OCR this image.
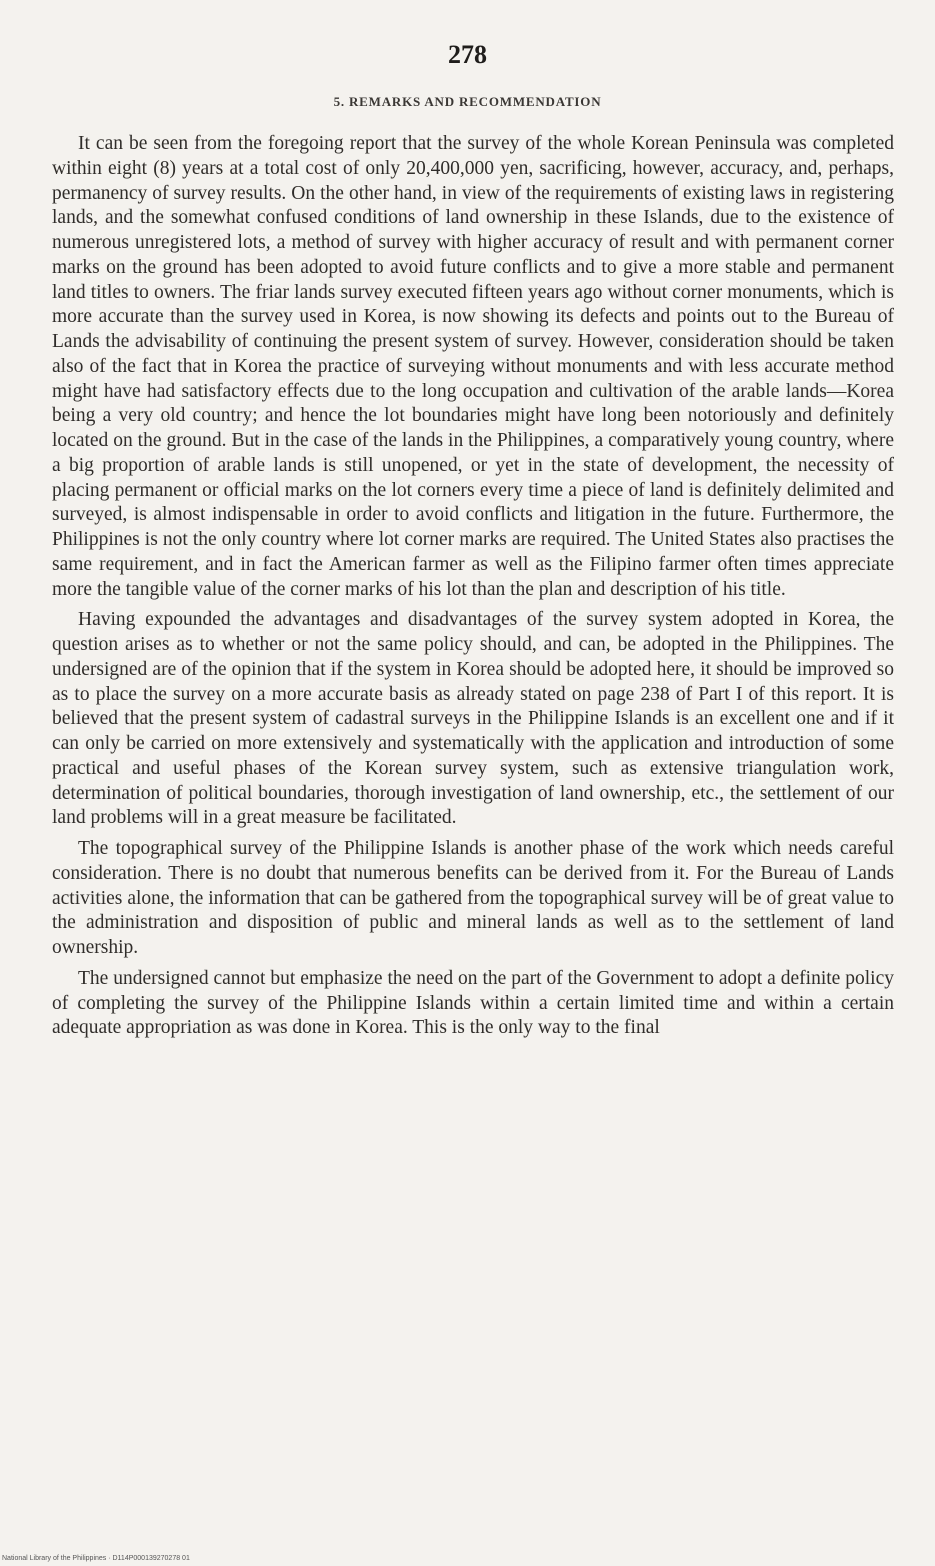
278
5. REMARKS AND RECOMMENDATION

It can be seen from the foregoing report that the survey of the whole Korean Peninsula was completed within eight (8) years at a total cost of only 20,400,000 yen, sacrificing, however, accuracy, and, perhaps, permanency of survey results. On the other hand, in view of the requirements of existing laws in registering lands, and the somewhat confused conditions of land ownership in these Islands, due to the existence of numerous unregistered lots, a method of survey with higher accuracy of result and with permanent corner marks on the ground has been adopted to avoid future conflicts and to give a more stable and permanent land titles to owners. The friar lands survey executed fifteen years ago without corner monuments, which is more accurate than the survey used in Korea, is now showing its defects and points out to the Bureau of Lands the advisability of continuing the present system of survey. However, consideration should be taken also of the fact that in Korea the practice of surveying without monuments and with less accurate method might have had satisfactory effects due to the long occupation and cultivation of the arable lands—Korea being a very old country; and hence the lot boundaries might have long been notoriously and definitely located on the ground. But in the case of the lands in the Philippines, a comparatively young country, where a big proportion of arable lands is still unopened, or yet in the state of development, the necessity of placing permanent or official marks on the lot corners every time a piece of land is definitely delimited and surveyed, is almost indispensable in order to avoid conflicts and litigation in the future. Furthermore, the Philippines is not the only country where lot corner marks are required. The United States also practises the same requirement, and in fact the American farmer as well as the Filipino farmer often times appreciate more the tangible value of the corner marks of his lot than the plan and description of his title.

Having expounded the advantages and disadvantages of the survey system adopted in Korea, the question arises as to whether or not the same policy should, and can, be adopted in the Philippines. The undersigned are of the opinion that if the system in Korea should be adopted here, it should be improved so as to place the survey on a more accurate basis as already stated on page 238 of Part I of this report. It is believed that the present system of cadastral surveys in the Philippine Islands is an excellent one and if it can only be carried on more extensively and systematically with the application and introduction of some practical and useful phases of the Korean survey system, such as extensive triangulation work, determination of political boundaries, thorough investigation of land ownership, etc., the settlement of our land problems will in a great measure be facilitated.

The topographical survey of the Philippine Islands is another phase of the work which needs careful consideration. There is no doubt that numerous benefits can be derived from it. For the Bureau of Lands activities alone, the information that can be gathered from the topographical survey will be of great value to the administration and disposition of public and mineral lands as well as to the settlement of land ownership.

The undersigned cannot but emphasize the need on the part of the Government to adopt a definite policy of completing the survey of the Philippine Islands within a certain limited time and within a certain adequate appropriation as was done in Korea. This is the only way to the final

National Library of the Philippines · D114P000139270278 01
